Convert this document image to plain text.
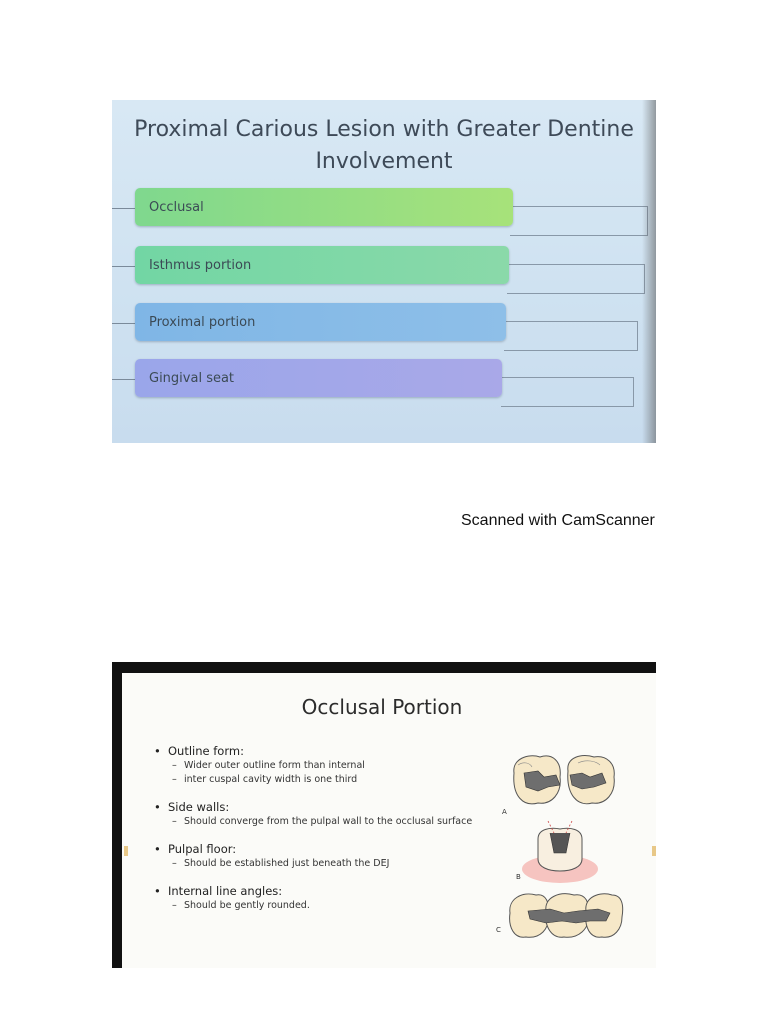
Proximal Carious Lesion with Greater Dentine
Involvement
Occlusal
Isthmus portion
Proximal portion
Gingival seat
Scanned with CamScanner
Occlusal Portion
• Outline form:
– Wider outer outline form than internal
– inter cuspal cavity width is one third
• Side walls:
– Should converge from the pulpal wall to the occlusal surface
• Pulpal floor:
– Should be established just beneath the DEJ
• Internal line angles:
– Should be gently rounded.
A
B
C
